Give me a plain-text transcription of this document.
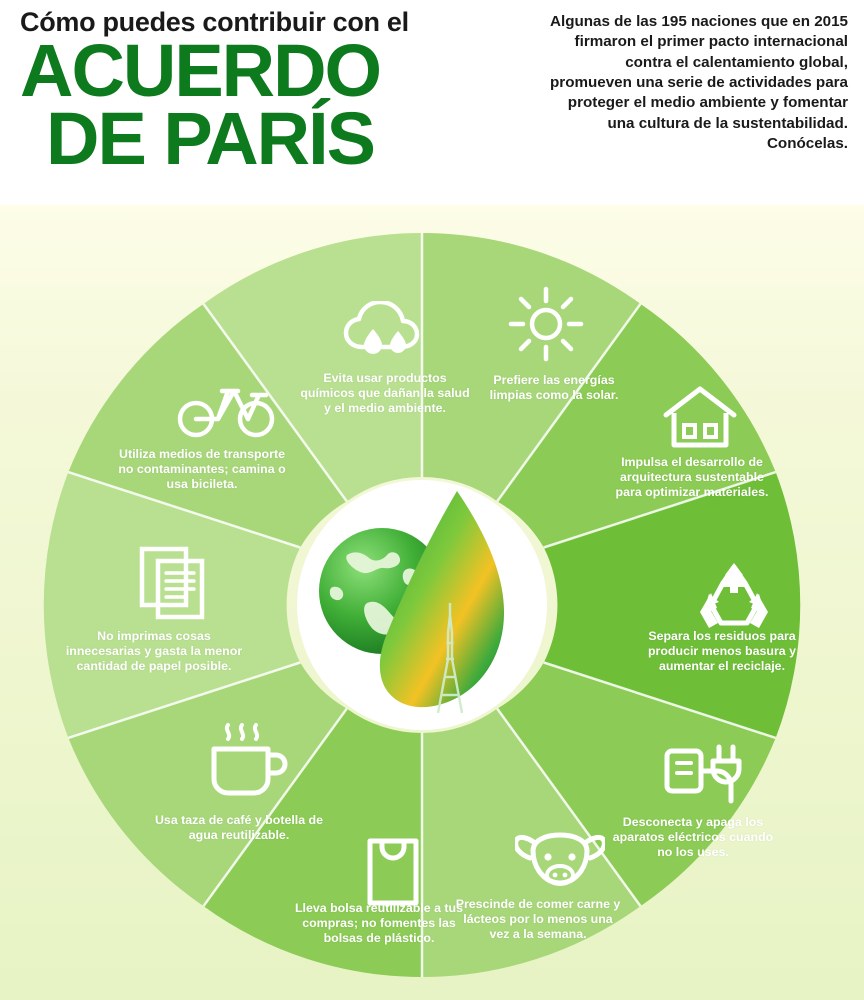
Cómo puedes contribuir con el
ACUERDO
DE PARÍS
Algunas de las 195 naciones que en 2015 firmaron el primer pacto internacional contra el calentamiento global, promueven una serie de actividades para proteger el medio ambiente y fomentar una cultura de la sustentabilidad. Conócelas.
Evita usar productos químicos que dañan la salud y el medio ambiente.
Prefiere las energías limpias como la solar.
Impulsa el desarrollo de arquitectura sustentable para optimizar materiales.
Separa los residuos para producir menos basura y aumentar el reciclaje.
Desconecta y apaga los aparatos eléctricos cuando no los uses.
Prescinde de comer carne y lácteos por lo menos una vez a la semana.
Lleva bolsa reutilizable a tus compras; no fomentes las bolsas de plástico.
Usa taza de café y botella de agua reutilizable.
No imprimas cosas innecesarias y gasta la menor cantidad de papel posible.
Utiliza medios de transporte no contaminantes; camina o usa bicileta.
